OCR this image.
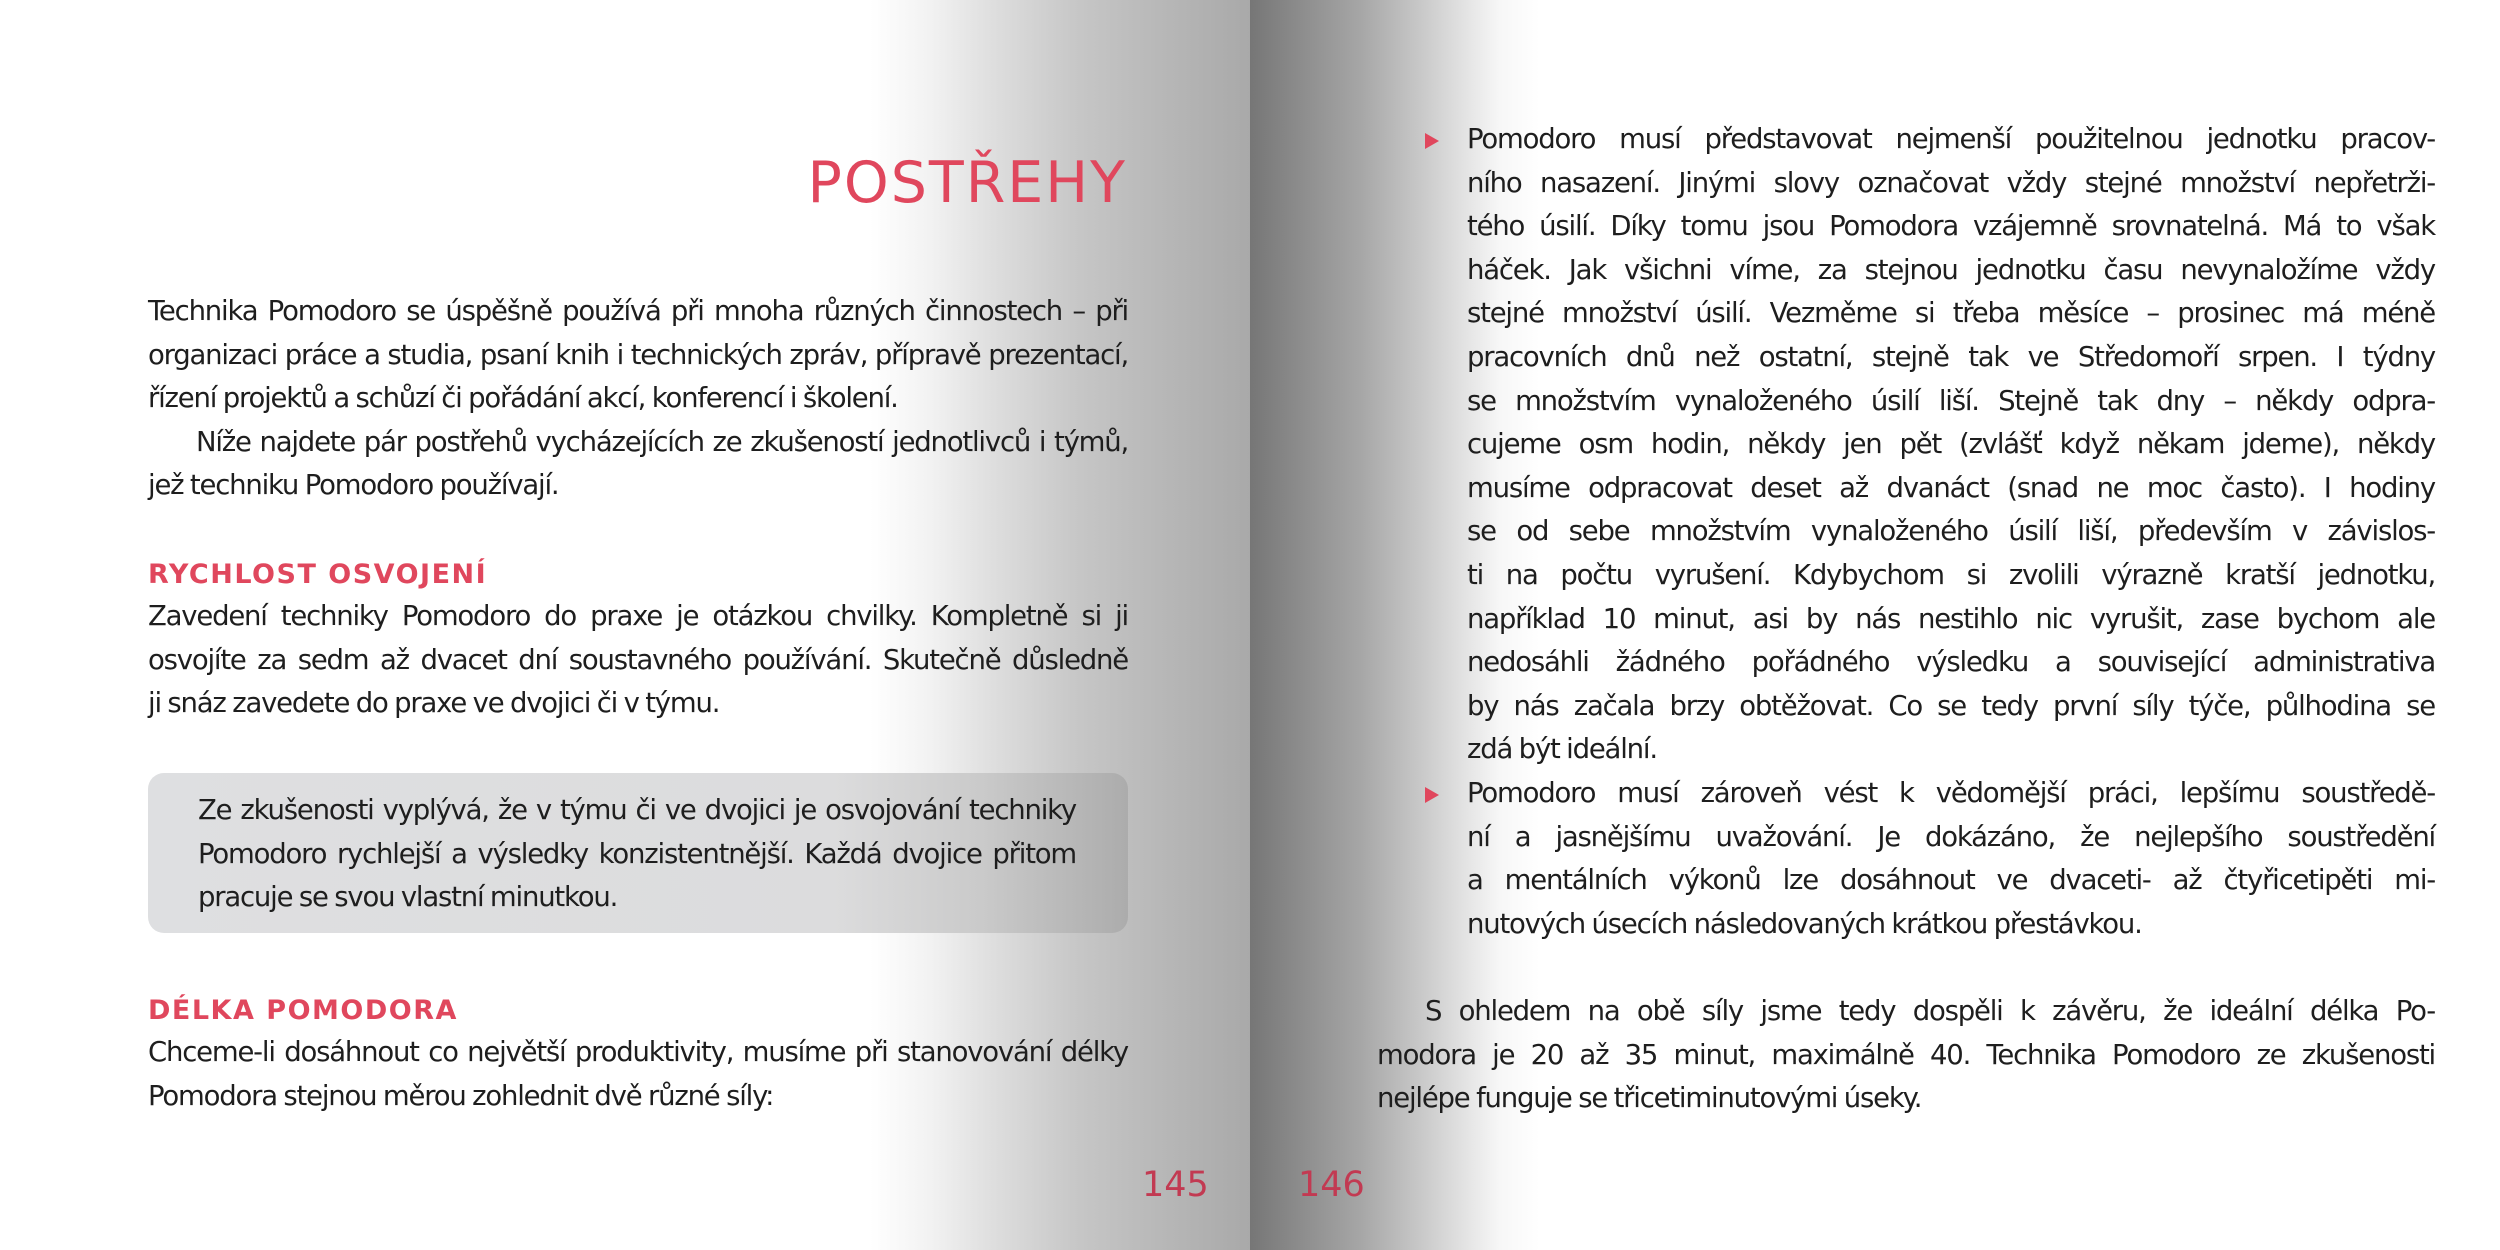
POSTŘEHY
Technika Pomodoro se úspěšně používá při mnoha různých činnostech – při
organizaci práce a studia, psaní knih i technických zpráv, přípravě prezentací,
řízení projektů a schůzí či pořádání akcí, konferencí i školení.
Níže najdete pár postřehů vycházejících ze zkušeností jednotlivců i týmů,
jež techniku Pomodoro používají.
RYCHLOST OSVOJENÍ
Zavedení techniky Pomodoro do praxe je otázkou chvilky. Kompletně si ji
osvojíte za sedm až dvacet dní soustavného používání. Skutečně důsledně
ji snáz zavedete do praxe ve dvojici či v týmu.
Ze zkušenosti vyplývá, že v týmu či ve dvojici je osvojování techniky
Pomodoro rychlejší a výsledky konzistentnější. Každá dvojice přitom
pracuje se svou vlastní minutkou.
DÉLKA POMODORA
Chceme-li dosáhnout co největší produktivity, musíme při stanovování délky
Pomodora stejnou měrou zohlednit dvě různé síly:
145	146
Pomodoro musí představovat nejmenší použitelnou jednotku pracov-
ního nasazení. Jinými slovy označovat vždy stejné množství nepřetrži-
tého úsilí. Díky tomu jsou Pomodora vzájemně srovnatelná. Má to však
háček. Jak všichni víme, za stejnou jednotku času nevynaložíme vždy
stejné množství úsilí. Vezměme si třeba měsíce – prosinec má méně
pracovních dnů než ostatní, stejně tak ve Středomoří srpen. I týdny
se množstvím vynaloženého úsilí liší. Stejně tak dny – někdy odpra-
cujeme osm hodin, někdy jen pět (zvlášť když někam jdeme), někdy
musíme odpracovat deset až dvanáct (snad ne moc často). I hodiny
se od sebe množstvím vynaloženého úsilí liší, především v závislos-
ti na počtu vyrušení. Kdybychom si zvolili výrazně kratší jednotku,
například 10 minut, asi by nás nestihlo nic vyrušit, zase bychom ale
nedosáhli žádného pořádného výsledku a související administrativa
by nás začala brzy obtěžovat. Co se tedy první síly týče, půlhodina se
zdá být ideální.
Pomodoro musí zároveň vést k vědomější práci, lepšímu soustředě-
ní a jasnějšímu uvažování. Je dokázáno, že nejlepšího soustředění
a mentálních výkonů lze dosáhnout ve dvaceti- až čtyřicetipěti mi-
nutových úsecích následovaných krátkou přestávkou.
S ohledem na obě síly jsme tedy dospěli k závěru, že ideální délka Po-
modora je 20 až 35 minut, maximálně 40. Technika Pomodoro ze zkušenosti
nejlépe funguje se třicetiminutovými úseky.
